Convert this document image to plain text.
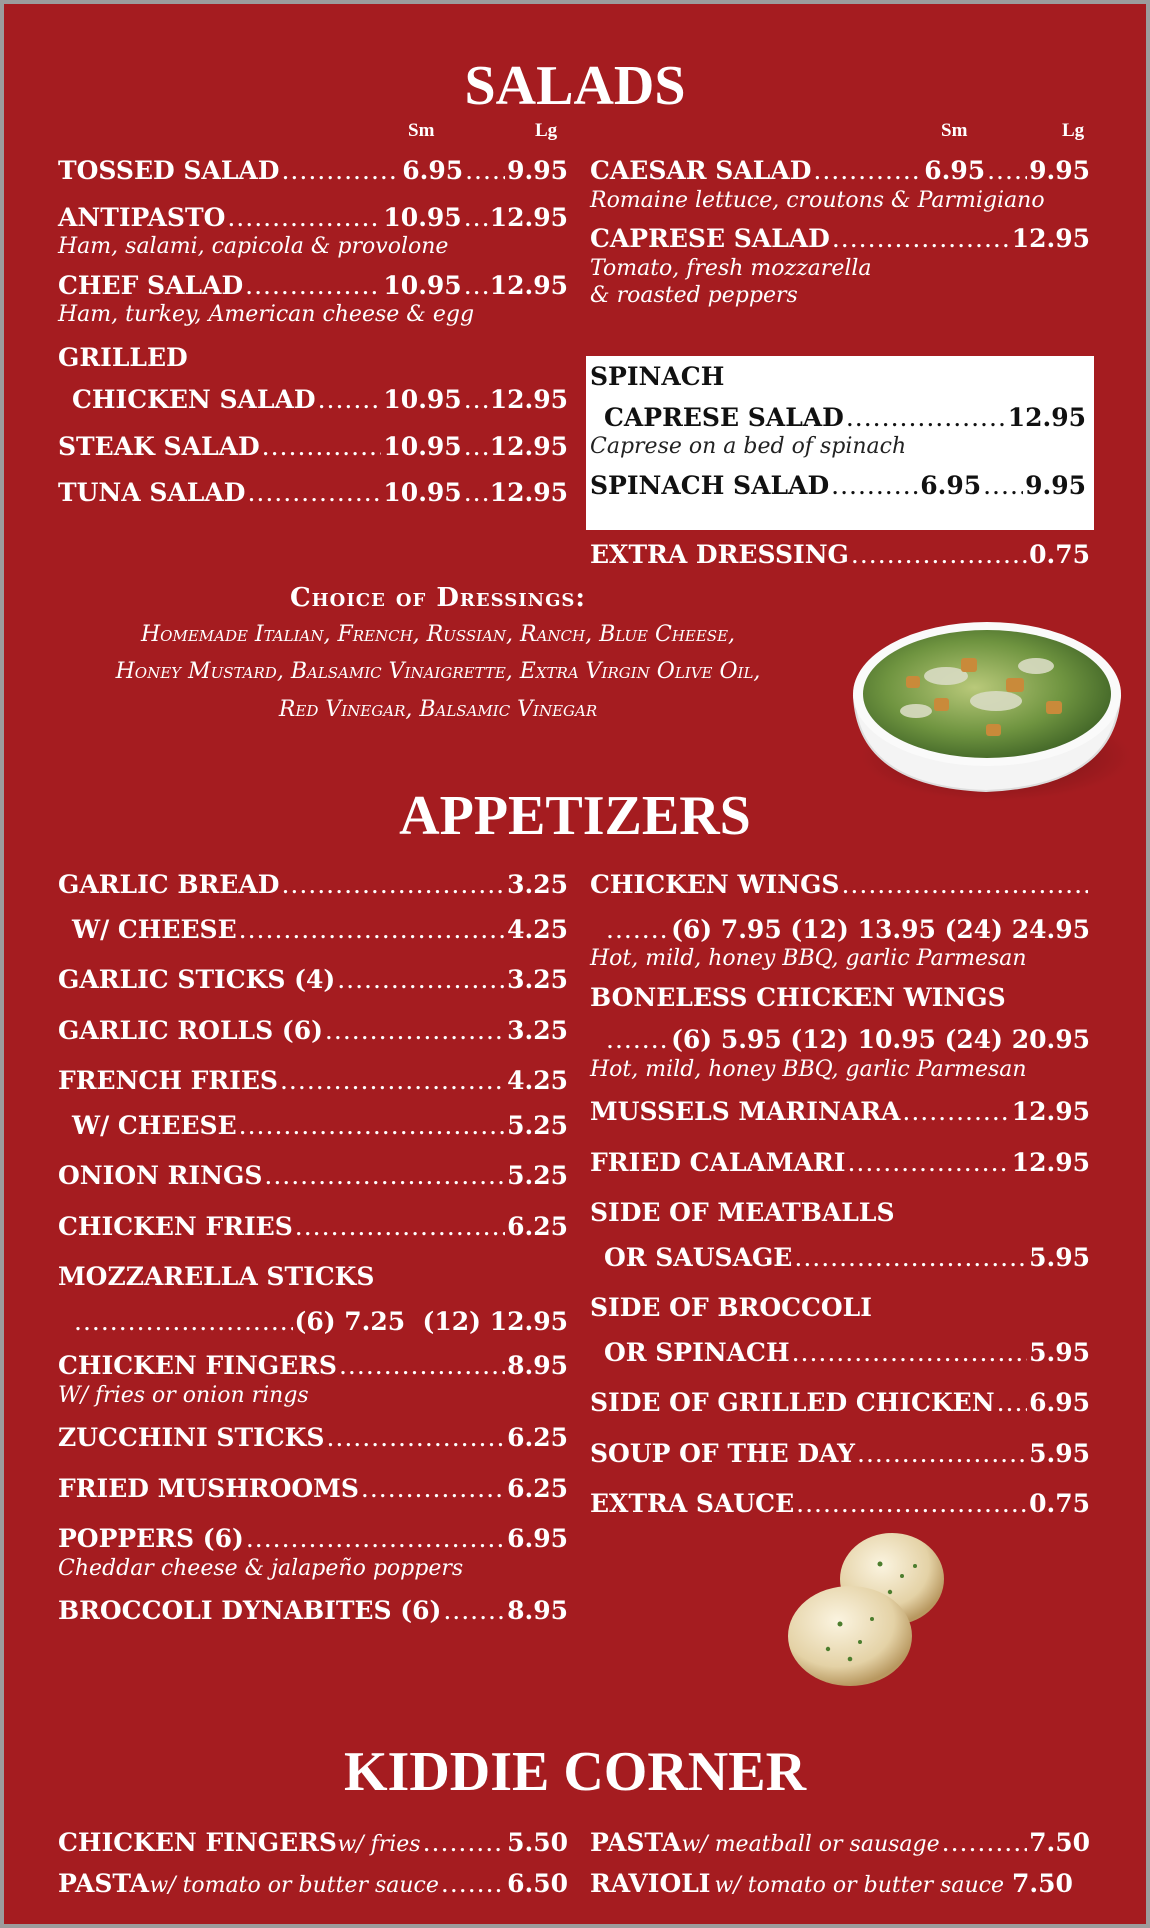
SALADS
Sm	Lg	Sm	Lg
TOSSED SALAD .....	6.95 ..... 9.95
ANTIPASTO .....	10.95 ..... 12.95
Ham, salami, capicola & provolone
CHEF SALAD .....	10.95 ..... 12.95
Ham, turkey, American cheese & egg
GRILLED
CHICKEN SALAD .....	10.95 ..... 12.95
STEAK SALAD .....	10.95 ..... 12.95
TUNA SALAD .....	10.95 ..... 12.95
CAESAR SALAD .....	6.95 ..... 9.95
Romaine lettuce, croutons & Parmigiano
CAPRESE SALAD .....	12.95
Tomato, fresh mozzarella
& roasted peppers
SPINACH
CAPRESE SALAD .....	12.95
Caprese on a bed of spinach
SPINACH SALAD .....	6.95 ..... 9.95
EXTRA DRESSING .....	0.75
Choice of Dressings:
Homemade Italian, French, Russian, Ranch, Blue Cheese,
Honey Mustard, Balsamic Vinaigrette, Extra Virgin Olive Oil,
Red Vinegar, Balsamic Vinegar
APPETIZERS
GARLIC BREAD .....	3.25
W/ CHEESE .....	4.25
GARLIC STICKS (4) .....	3.25
GARLIC ROLLS (6) .....	3.25
FRENCH FRIES .....	4.25
W/ CHEESE .....	5.25
ONION RINGS .....	5.25
CHICKEN FRIES .....	6.25
MOZZARELLA STICKS
.....
(6) 7.25  (12) 12.95
CHICKEN FINGERS .....	8.95
W/ fries or onion rings
ZUCCHINI STICKS .....	6.25
FRIED MUSHROOMS .....	6.25
POPPERS (6) .....	6.95
Cheddar cheese & jalapeño poppers
BROCCOLI DYNABITES (6) .....	8.95
CHICKEN WINGS
.....
.....
(6) 7.95 (12) 13.95 (24) 24.95
Hot, mild, honey BBQ, garlic Parmesan
BONELESS CHICKEN WINGS
.....
(6) 5.95 (12) 10.95 (24) 20.95
Hot, mild, honey BBQ, garlic Parmesan
MUSSELS MARINARA .....	12.95
FRIED CALAMARI .....	12.95
SIDE OF MEATBALLS
OR SAUSAGE .....	5.95
SIDE OF BROCCOLI
OR SPINACH .....	5.95
SIDE OF GRILLED CHICKEN ..... 6.95
SOUP OF THE DAY .....	5.95
EXTRA SAUCE .....	0.75
KIDDIE CORNER
CHICKEN FINGERS w/ fries .....	5.50
PASTA w/ tomato or butter sauce .....	6.50
PASTA w/ meatball or sausage .....	7.50
RAVIOLI w/ tomato or butter sauce 7.50
